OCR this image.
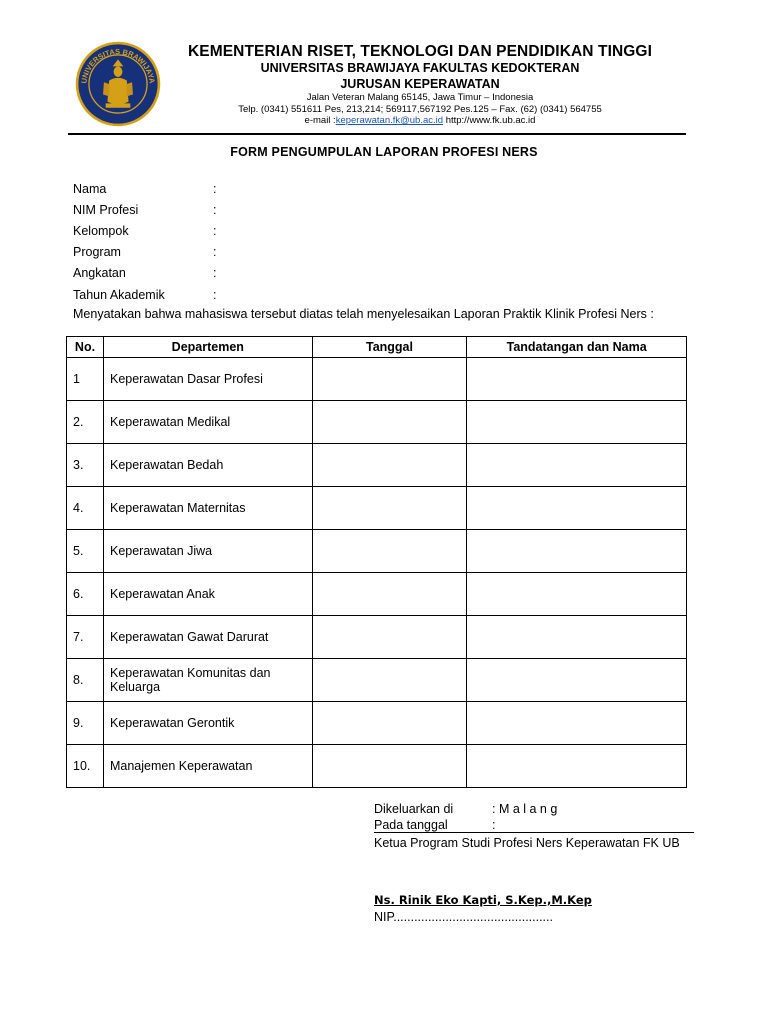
UNIVERSITAS BRAWIJAYA
KEMENTERIAN RISET, TEKNOLOGI DAN PENDIDIKAN TINGGI
UNIVERSITAS BRAWIJAYA FAKULTAS KEDOKTERAN
JURUSAN KEPERAWATAN
Jalan Veteran Malang 65145, Jawa Timur – Indonesia
Telp. (0341) 551611 Pes, 213,214; 569117,567192 Pes.125 – Fax. (62) (0341) 564755
e-mail :keperawatan.fk@ub.ac.id http://www.fk.ub.ac.id
FORM PENGUMPULAN LAPORAN PROFESI NERS
Nama	:
NIM Profesi	:
Kelompok	:
Program	:
Angkatan	:
Tahun Akademik	:
Menyatakan bahwa mahasiswa tersebut diatas telah menyelesaikan Laporan Praktik Klinik Profesi Ners :
No.	Departemen	Tanggal	Tandatangan dan Nama
1	Keperawatan Dasar Profesi		
2.	Keperawatan Medikal		
3.	Keperawatan Bedah		
4.	Keperawatan Maternitas		
5.	Keperawatan Jiwa		
6.	Keperawatan Anak		
7.	Keperawatan Gawat Darurat		
8.	Keperawatan Komunitas dan Keluarga		
9.	Keperawatan Gerontik		
10.	Manajemen Keperawatan		
Dikeluarkan di	: M a l a n g
Pada tanggal	:
Ketua Program Studi Profesi Ners Keperawatan FK UB
Ns. Rinik Eko Kapti, S.Kep.,M.Kep
NIP..............................................
